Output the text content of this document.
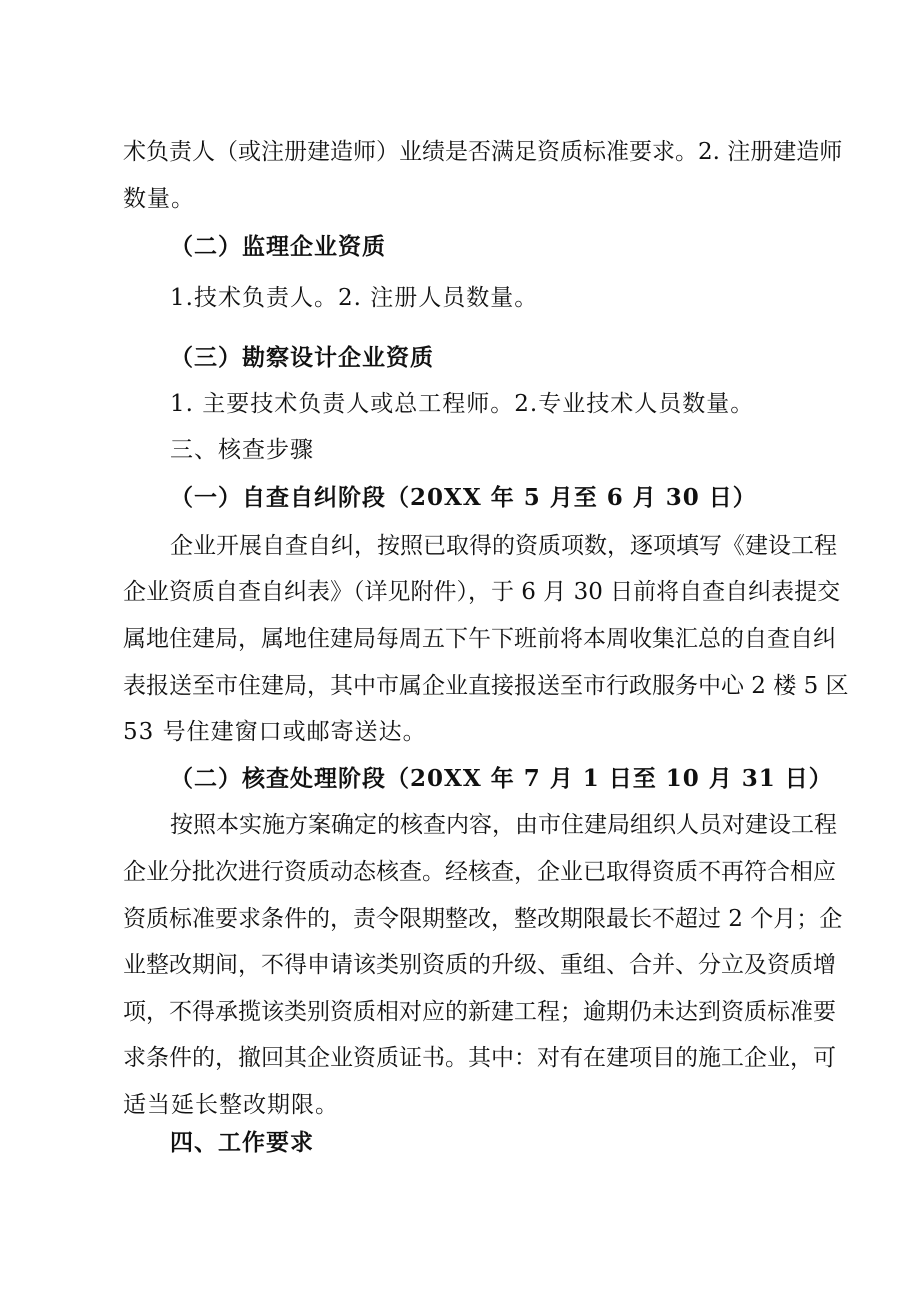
术负责人（或注册建造师）业绩是否满足资质标准要求。2. 注册建造师

数量。

（二）监理企业资质

1.技术负责人。2. 注册人员数量。

（三）勘察设计企业资质

1. 主要技术负责人或总工程师。2.专业技术人员数量。

三、核查步骤

（一）自查自纠阶段（20XX 年 5 月至 6 月 30 日）

企业开展自查自纠，按照已取得的资质项数，逐项填写《建设工程

企业资质自查自纠表》（详见附件），于 6 月 30 日前将自查自纠表提交

属地住建局，属地住建局每周五下午下班前将本周收集汇总的自查自纠

表报送至市住建局，其中市属企业直接报送至市行政服务中心 2 楼 5 区

53 号住建窗口或邮寄送达。

（二）核查处理阶段（20XX 年 7 月 1 日至 10 月 31 日）

按照本实施方案确定的核查内容，由市住建局组织人员对建设工程

企业分批次进行资质动态核查。经核查，企业已取得资质不再符合相应

资质标准要求条件的，责令限期整改，整改期限最长不超过 2 个月；企

业整改期间，不得申请该类别资质的升级、重组、合并、分立及资质增

项，不得承揽该类别资质相对应的新建工程；逾期仍未达到资质标准要

求条件的，撤回其企业资质证书。其中：对有在建项目的施工企业，可

适当延长整改期限。

四、工作要求
